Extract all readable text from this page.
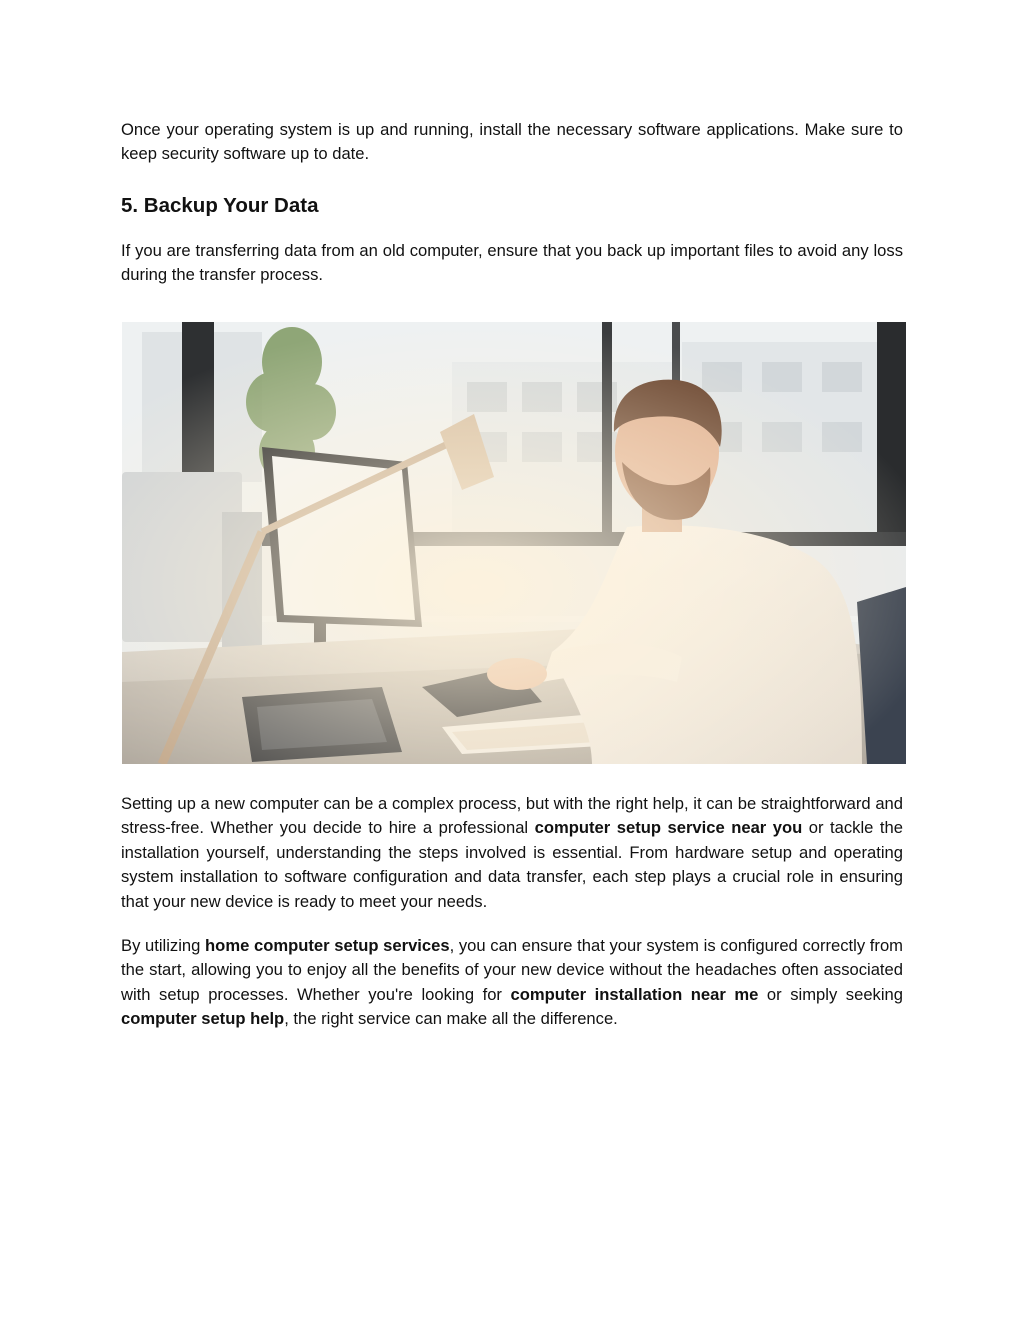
Once your operating system is up and running, install the necessary software applications. Make sure to keep security software up to date.

5. Backup Your Data

If you are transferring data from an old computer, ensure that you back up important files to avoid any loss during the transfer process.

Setting up a new computer can be a complex process, but with the right help, it can be straightforward and stress-free. Whether you decide to hire a professional computer setup service near you or tackle the installation yourself, understanding the steps involved is essential. From hardware setup and operating system installation to software configuration and data transfer, each step plays a crucial role in ensuring that your new device is ready to meet your needs.

By utilizing home computer setup services, you can ensure that your system is configured correctly from the start, allowing you to enjoy all the benefits of your new device without the headaches often associated with setup processes. Whether you're looking for computer installation near me or simply seeking computer setup help, the right service can make all the difference.
